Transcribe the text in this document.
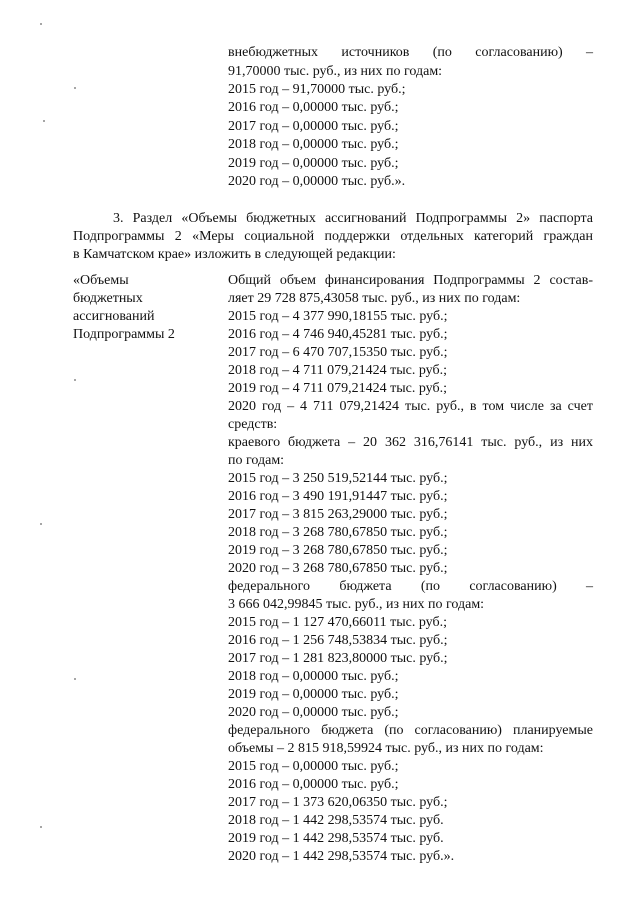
внебюджетных источников (по согласованию) –
91,70000 тыс. руб., из них по годам:
2015 год – 91,70000 тыс. руб.;
2016 год – 0,00000 тыс. руб.;
2017 год – 0,00000 тыс. руб.;
2018 год – 0,00000 тыс. руб.;
2019 год – 0,00000 тыс. руб.;
2020 год – 0,00000 тыс. руб.».
3. Раздел «Объемы бюджетных ассигнований Подпрограммы 2» паспорта
Подпрограммы 2 «Меры социальной поддержки отдельных категорий граждан
в Камчатском крае» изложить в следующей редакции:
«Объемы
бюджетных
ассигнований
Подпрограммы 2
Общий объем финансирования Подпрограммы 2 состав-
ляет 29 728 875,43058 тыс. руб., из них по годам:
2015 год – 4 377 990,18155 тыс. руб.;
2016 год – 4 746 940,45281 тыс. руб.;
2017 год – 6 470 707,15350 тыс. руб.;
2018 год – 4 711 079,21424 тыс. руб.;
2019 год – 4 711 079,21424 тыс. руб.;
2020 год – 4 711 079,21424 тыс. руб., в том числе за счет
средств:
краевого бюджета – 20 362 316,76141 тыс. руб., из них
по годам:
2015 год – 3 250 519,52144 тыс. руб.;
2016 год – 3 490 191,91447 тыс. руб.;
2017 год – 3 815 263,29000 тыс. руб.;
2018 год – 3 268 780,67850 тыс. руб.;
2019 год – 3 268 780,67850 тыс. руб.;
2020 год – 3 268 780,67850 тыс. руб.;
федерального бюджета (по согласованию) –
3 666 042,99845 тыс. руб., из них по годам:
2015 год – 1 127 470,66011 тыс. руб.;
2016 год – 1 256 748,53834 тыс. руб.;
2017 год – 1 281 823,80000 тыс. руб.;
2018 год – 0,00000 тыс. руб.;
2019 год – 0,00000 тыс. руб.;
2020 год – 0,00000 тыс. руб.;
федерального бюджета (по согласованию) планируемые
объемы – 2 815 918,59924 тыс. руб., из них по годам:
2015 год – 0,00000 тыс. руб.;
2016 год – 0,00000 тыс. руб.;
2017 год – 1 373 620,06350 тыс. руб.;
2018 год – 1 442 298,53574 тыс. руб.
2019 год – 1 442 298,53574 тыс. руб.
2020 год – 1 442 298,53574 тыс. руб.».
